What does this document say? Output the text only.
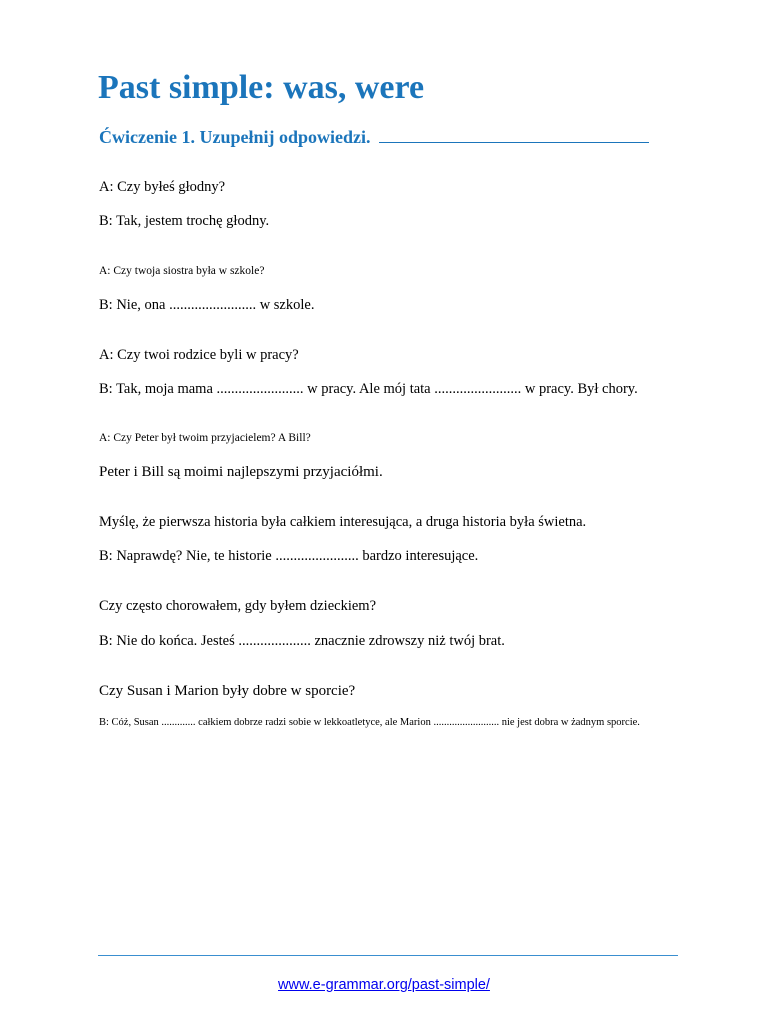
Past simple: was, were
Ćwiczenie 1. Uzupełnij odpowiedzi.

A: Czy byłeś głodny?

B: Tak, jestem trochę głodny.

A: Czy twoja siostra była w szkole?

B: Nie, ona ........................ w szkole.

A: Czy twoi rodzice byli w pracy?

B: Tak, moja mama ........................ w pracy. Ale mój tata ........................ w pracy. Był chory.

A: Czy Peter był twoim przyjacielem? A Bill?

Peter i Bill są moimi najlepszymi przyjaciółmi.

Myślę, że pierwsza historia była całkiem interesująca, a druga historia była świetna.

B: Naprawdę? Nie, te historie ....................... bardzo interesujące.

Czy często chorowałem, gdy byłem dzieckiem?

B: Nie do końca. Jesteś .................... znacznie zdrowszy niż twój brat.

Czy Susan i Marion były dobre w sporcie?

B: Cóż, Susan ............. całkiem dobrze radzi sobie w lekkoatletyce, ale Marion ......................... nie jest dobra w żadnym sporcie.

www.e-grammar.org/past-simple/
